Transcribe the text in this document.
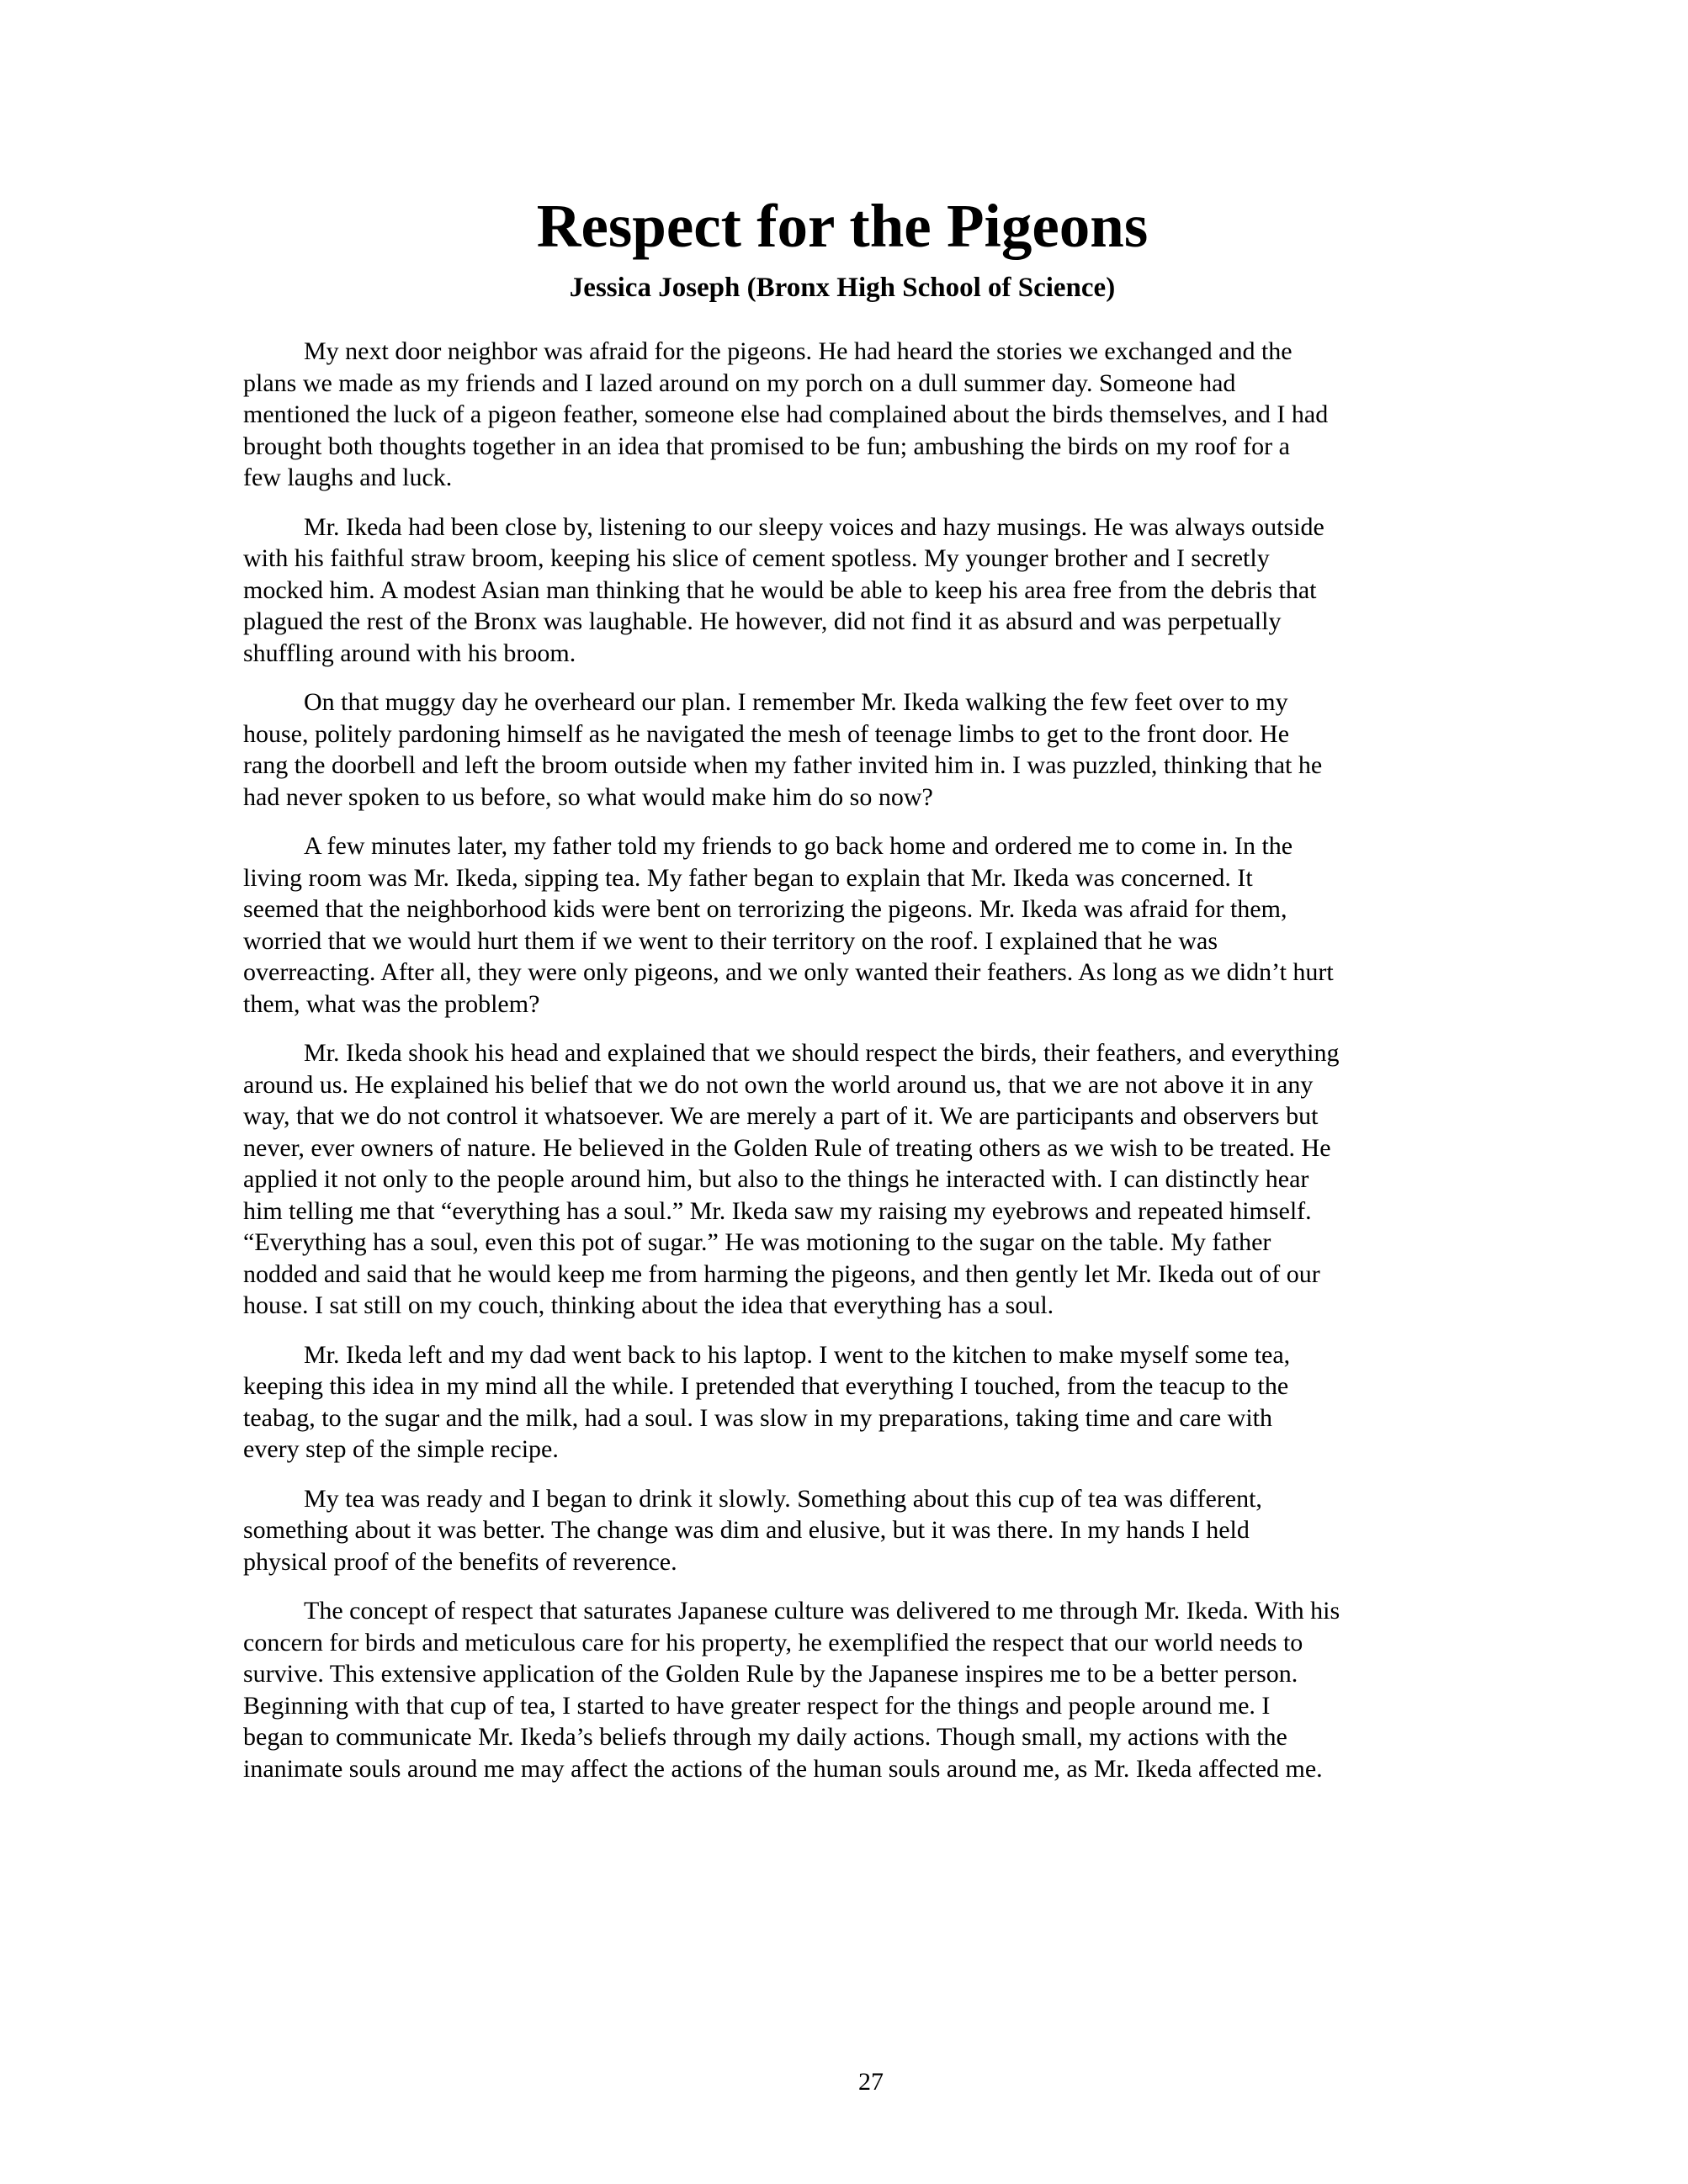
Respect for the Pigeons
Jessica Joseph (Bronx High School of Science)

My next door neighbor was afraid for the pigeons. He had heard the stories we exchanged and the
plans we made as my friends and I lazed around on my porch on a dull summer day. Someone had
mentioned the luck of a pigeon feather, someone else had complained about the birds themselves, and I had
brought both thoughts together in an idea that promised to be fun; ambushing the birds on my roof for a
few laughs and luck.

Mr. Ikeda had been close by, listening to our sleepy voices and hazy musings. He was always outside
with his faithful straw broom, keeping his slice of cement spotless. My younger brother and I secretly
mocked him. A modest Asian man thinking that he would be able to keep his area free from the debris that
plagued the rest of the Bronx was laughable. He however, did not find it as absurd and was perpetually
shuffling around with his broom.

On that muggy day he overheard our plan. I remember Mr. Ikeda walking the few feet over to my
house, politely pardoning himself as he navigated the mesh of teenage limbs to get to the front door. He
rang the doorbell and left the broom outside when my father invited him in. I was puzzled, thinking that he
had never spoken to us before, so what would make him do so now?

A few minutes later, my father told my friends to go back home and ordered me to come in. In the
living room was Mr. Ikeda, sipping tea. My father began to explain that Mr. Ikeda was concerned. It
seemed that the neighborhood kids were bent on terrorizing the pigeons. Mr. Ikeda was afraid for them,
worried that we would hurt them if we went to their territory on the roof. I explained that he was
overreacting. After all, they were only pigeons, and we only wanted their feathers. As long as we didn’t hurt
them, what was the problem?

Mr. Ikeda shook his head and explained that we should respect the birds, their feathers, and everything
around us. He explained his belief that we do not own the world around us, that we are not above it in any
way, that we do not control it whatsoever. We are merely a part of it. We are participants and observers but
never, ever owners of nature. He believed in the Golden Rule of treating others as we wish to be treated. He
applied it not only to the people around him, but also to the things he interacted with. I can distinctly hear
him telling me that “everything has a soul.” Mr. Ikeda saw my raising my eyebrows and repeated himself.
“Everything has a soul, even this pot of sugar.” He was motioning to the sugar on the table. My father
nodded and said that he would keep me from harming the pigeons, and then gently let Mr. Ikeda out of our
house. I sat still on my couch, thinking about the idea that everything has a soul.

Mr. Ikeda left and my dad went back to his laptop. I went to the kitchen to make myself some tea,
keeping this idea in my mind all the while. I pretended that everything I touched, from the teacup to the
teabag, to the sugar and the milk, had a soul. I was slow in my preparations, taking time and care with
every step of the simple recipe.

My tea was ready and I began to drink it slowly. Something about this cup of tea was different,
something about it was better. The change was dim and elusive, but it was there. In my hands I held
physical proof of the benefits of reverence.

The concept of respect that saturates Japanese culture was delivered to me through Mr. Ikeda. With his
concern for birds and meticulous care for his property, he exemplified the respect that our world needs to
survive. This extensive application of the Golden Rule by the Japanese inspires me to be a better person.
Beginning with that cup of tea, I started to have greater respect for the things and people around me. I
began to communicate Mr. Ikeda’s beliefs through my daily actions. Though small, my actions with the
inanimate souls around me may affect the actions of the human souls around me, as Mr. Ikeda affected me.

27
